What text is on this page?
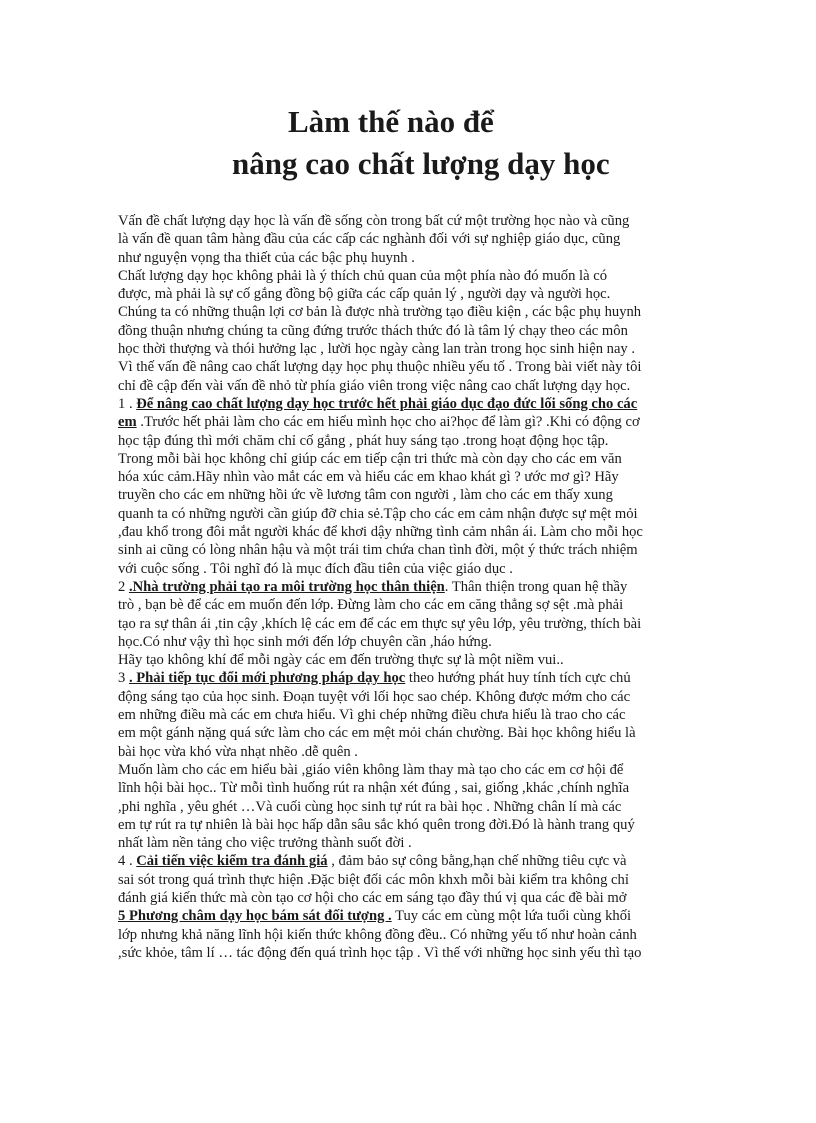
Làm thế nào để
nâng cao chất lượng dạy học
Vấn đề chất lượng dạy học là vấn đề sống còn trong bất cứ một trường học nào và cũng
là vấn đề quan tâm hàng đầu của các cấp các nghành đối với sự nghiệp giáo dục, cũng
như nguyện vọng tha thiết của các bậc phụ huynh .
Chất lượng dạy học không phải là ý thích chủ quan của một phía nào đó muốn là có
được, mà phải là sự cố gắng đồng bộ giữa các cấp quản lý , người dạy và người học.
Chúng ta có những thuận lợi cơ bản là được nhà trường tạo điều kiện , các bậc phụ huynh
đồng thuận nhưng chúng ta cũng đứng trước thách thức đó là tâm lý chạy theo các môn
học thời thượng và thói hưởng lạc , lười học ngày càng lan tràn trong học sinh hiện nay .
Vì thế vấn đề nâng cao chất lượng dạy học phụ thuộc nhiều yếu tố . Trong bài viết này tôi
chỉ đề cập đến vài vấn đề nhỏ từ phía giáo viên trong việc nâng cao chất lượng dạy học.
1 . Để nâng cao chất lượng dạy học trước hết phải giáo dục đạo đức lối sống cho các
em .Trước hết phải làm cho các em hiểu mình học cho ai?học để làm gì? .Khi có động cơ
học tập đúng thì mới chăm chỉ cố gắng , phát huy sáng tạo .trong hoạt động học tập.
Trong mỗi bài học không chỉ giúp các em tiếp cận tri thức mà còn dạy cho các em văn
hóa xúc cảm.Hãy nhìn vào mắt các em và hiểu các em khao khát gì ? ước mơ gì? Hãy
truyền cho các em những hồi ức về lương tâm con người , làm cho các em thấy xung
quanh ta có những người cần giúp đỡ chia sẻ.Tập cho các em cảm nhận được sự mệt mỏi
,đau khổ trong đôi mắt người khác để khơi dậy những tình cảm nhân ái. Làm cho mỗi học
sinh ai cũng có lòng nhân hậu và một trái tim chứa chan tình đời, một ý thức trách nhiệm
với cuộc sống . Tôi nghĩ đó là mục đích đầu tiên của việc giáo dục .
2 .Nhà trường phải tạo ra môi trường học thân thiện. Thân thiện trong quan hệ thầy
trò , bạn bè để các em muốn đến lớp. Đừng làm cho các em căng thẳng sợ sệt .mà phải
tạo ra sự thân ái ,tin cậy ,khích lệ các em để các em thực sự yêu lớp, yêu trường, thích bài
học.Có như vậy thì học sinh mới đến lớp chuyên cần ,háo hứng.
Hãy tạo không khí để mỗi ngày các em đến trường thực sự là một niềm vui..
3 . Phải tiếp tục đổi mới phương pháp dạy học theo hướng phát huy tính tích cực chủ
động sáng tạo của học sinh. Đoạn tuyệt với lối học sao chép. Không được mớm cho các
em những điều mà các em chưa hiểu. Vì ghi chép những điều chưa hiểu là trao cho các
em một gánh nặng quá sức làm cho các em mệt mỏi chán chường. Bài học không hiểu là
bài học vừa khó vừa nhạt nhẽo .dễ quên .
Muốn làm cho các em hiểu bài ,giáo viên không làm thay mà tạo cho các em cơ hội để
lĩnh hội bài học.. Từ mỗi tình huống rút ra nhận xét đúng , sai, giống ,khác ,chính nghĩa
,phi nghĩa , yêu ghét …Và cuối cùng học sinh tự rút ra bài học . Những chân lí mà các
em tự rút ra tự nhiên là bài học hấp dẫn sâu sắc khó quên trong đời.Đó là hành trang quý
nhất làm nền tảng cho việc trưởng thành suốt đời .
4 . Cải tiến việc kiểm tra đánh giá , đảm bảo sự công bằng,hạn chế những tiêu cực và
sai sót trong quá trình thực hiện .Đặc biệt đối các môn khxh mỗi bài kiểm tra không chỉ
đánh giá kiến thức mà còn tạo cơ hội cho các em sáng tạo đầy thú vị qua các đề bài mở
5 Phương châm dạy học bám sát đối tượng . Tuy các em cùng một lứa tuổi cùng khối
lớp nhưng khả năng lĩnh hội kiến thức không đồng đều.. Có những yếu tố như hoàn cảnh
,sức khỏe, tâm lí … tác động đến quá trình học tập . Vì thế với những học sinh yếu thì tạo
